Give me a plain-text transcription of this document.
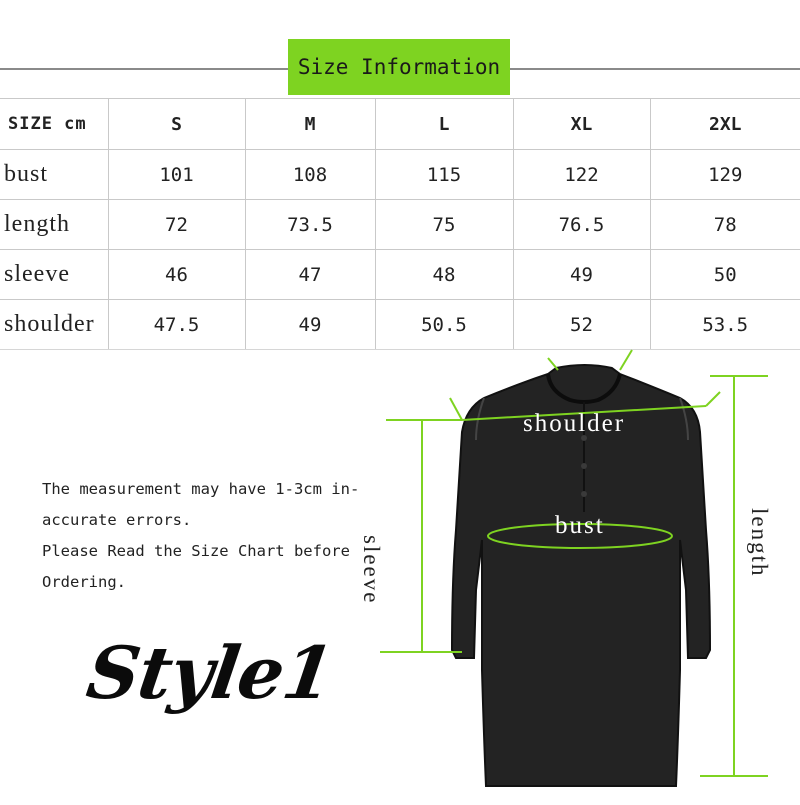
Size Information
SIZE cm	S	M	L	XL	2XL
bust	101	108	115	122	129
length	72	73.5	75	76.5	78
sleeve	46	47	48	49	50
shoulder	47.5	49	50.5	52	53.5
The measurement may have 1-3cm in-
accurate errors.
Please Read the Size Chart before
Ordering.
Style1
shoulder
bust
sleeve	length
